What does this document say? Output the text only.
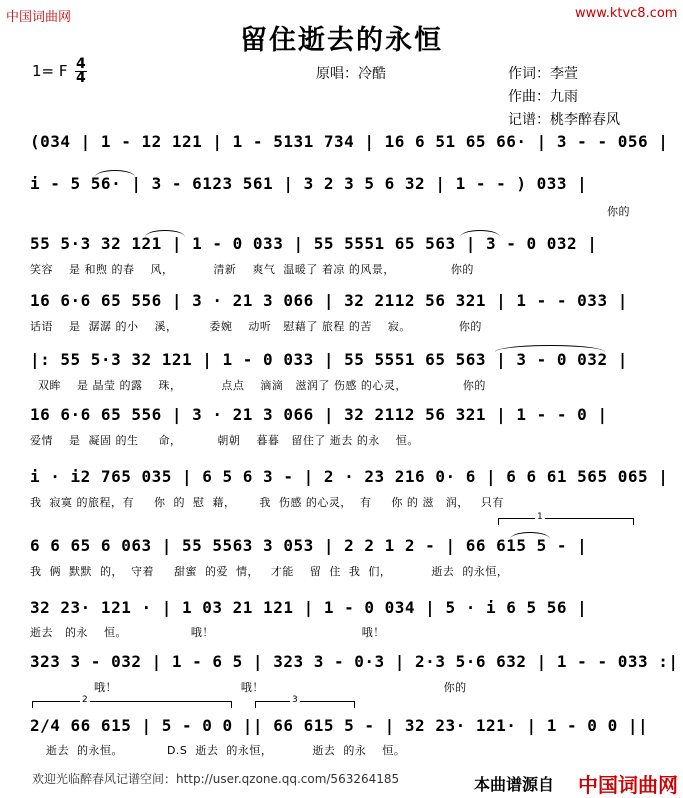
中国词曲网	www.ktvc8.com
留住逝去的永恒
1= F 4
4	原唱：冷酷	作词：李萱
作曲：九雨
记谱：桃李醉春风
(034 | 1 - 12 121 | 1 - 5131 734 | 16 6 51 65 66· | 3 - - 056 |
i - 5 56· | 3 - 6123 561 | 3 2 3 5 6 32 | 1 - - ) 033 |
你的
55 5·3 32 121 | 1 - 0 033 | 55 5551 65 563 | 3 - 0 032 |
笑容    是 和煦 的春    风，          清新    爽气  温暖了 着凉 的风景，              你的
16 6·6 65 556 | 3 · 21 3 066 | 32 2112 56 321 | 1 - - 033 |
话语    是  潺潺 的小    溪，        委婉    动听   慰藉了 旅程 的苦    寂。            你的
|: 55 5·3 32 121 | 1 - 0 033 | 55 5551 65 563 | 3 - 0 032 |
双眸    是 晶莹 的露    珠，          点点    滴滴   滋润了 伤感 的心灵，              你的
16 6·6 65 556 | 3 · 21 3 066 | 32 2112 56 321 | 1 - - 0 |
爱情    是  凝固 的生     命，         朝朝    暮暮   留住了 逝去 的永    恒。
i · i2 765 035 | 6 5 6 3 - | 2 · 23 216 0· 6 | 6 6 61 565 065 |
我  寂寞 的旅程，有     你  的  慰  藉，      我  伤感 的心灵，  有     你 的 滋   润，   只有
1
6 6 65 6 063 | 55 5563 3 053 | 2 2 1 2 - | 66 615 5 - |
我  俩  默默  的，  守着     甜蜜  的爱  情，   才能    留  住  我  们，          逝去  的永恒，
32 23· 121 · | 1 03 21 121 | 1 - 0 034 | 5 · i 6 5 56 |
逝去   的永    恒。                哦！                                     哦！
323 3 - 032 | 1 - 6 5 | 323 3 - 0·3 | 2·3 5·6 632 | 1 - - 033 :|
哦！                               哦！                                             你的
2	3
2/4 66 615 | 5 - 0 0 || 66 615 5 - | 32 23· 121· | 1 - 0 0 ||
逝去  的永恒。           D.S  逝去  的永恒，          逝去  的永    恒。
欢迎光临醉春风记谱空间：http://user.qzone.qq.com/563264185	本曲谱源自 中国词曲网
